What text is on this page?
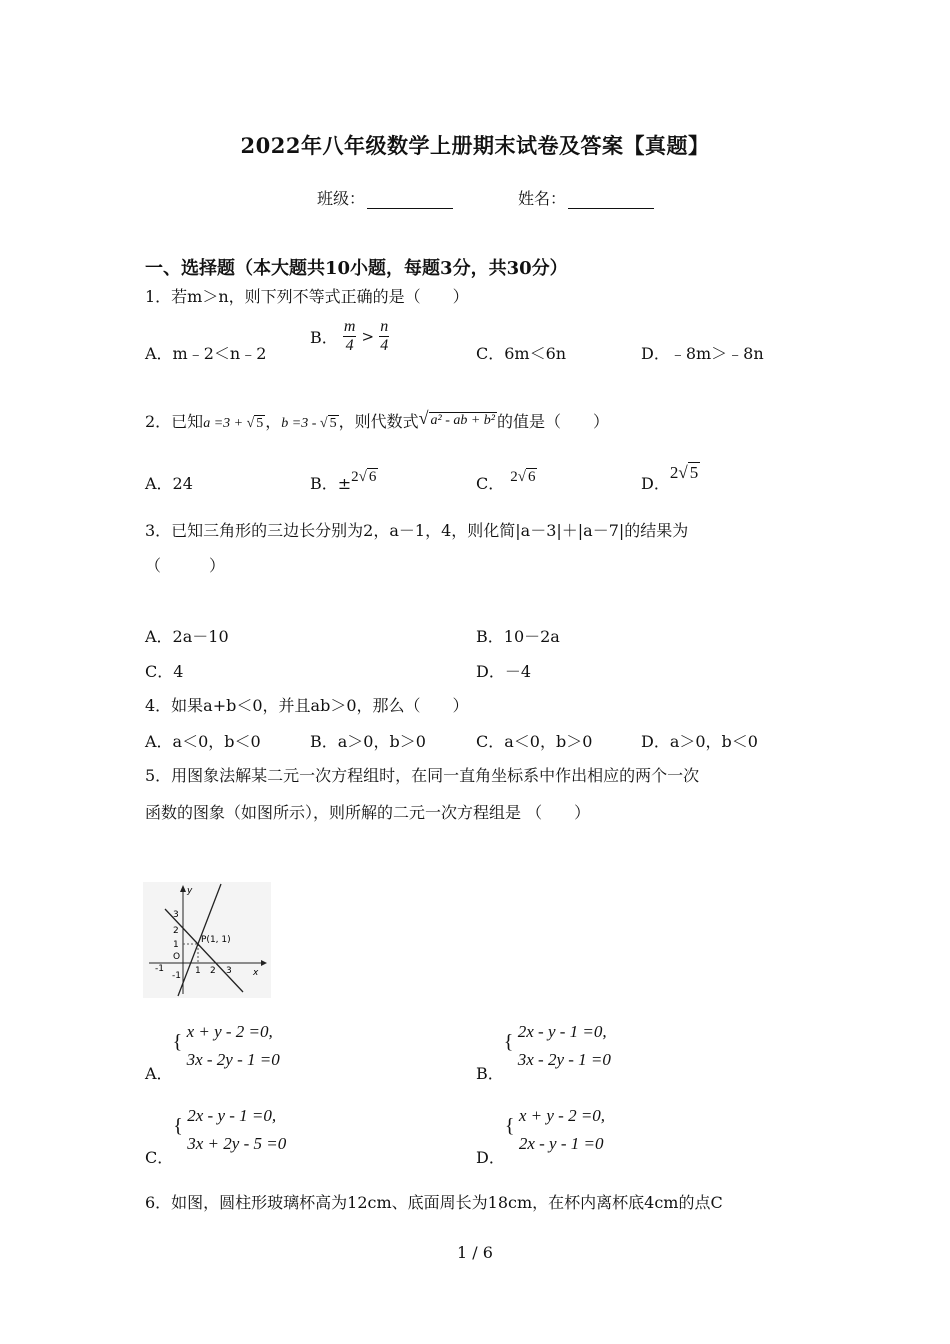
2022年八年级数学上册期末试卷及答案【真题】
班级：	姓名：
一、选择题（本大题共10小题，每题3分，共30分）
1．若m＞n，则下列不等式正确的是（　　）
A．m﹣2＜n﹣2
B． $\frac{m}{4} > \frac{n}{4}$	C．6m＜6n	D．﹣8m＞﹣8n
2．已知a =3 + √ 5 ，b =3 - √ 5 ，则代数式√ a² - ab + b² 的值是（　　）
A．24	B．±2√ 6	C． 2√ 6	D．2√ 5
3．已知三角形的三边长分别为2，a－1，4，则化简|a－3|＋|a－7|的结果为
（　　　）
A．2a－10	B．10－2a
C．4	D．－4
4．如果a+b＜0，并且ab＞0，那么（　　）
A．a＜0，b＜0	B．a＞0，b＞0	C．a＜0，b＞0	D．a＞0，b＜0
5．用图象法解某二元一次方程组时，在同一直角坐标系中作出相应的两个一次
函数的图象（如图所示），则所解的二元一次方程组是 （　　）
y
x
O
3
2
1
-1
-1	1 2 3
P(1, 1)
A．
{ x + y - 2 =0,
3x - 2y - 1 =0
B．
{ 2x - y - 1 =0,
3x - 2y - 1 =0
C．
{ 2x - y - 1 =0,
3x + 2y - 5 =0
D．
{ x + y - 2 =0,
2x - y - 1 =0
6．如图，圆柱形玻璃杯高为12cm、底面周长为18cm，在杯内离杯底4cm的点C
1 / 6
